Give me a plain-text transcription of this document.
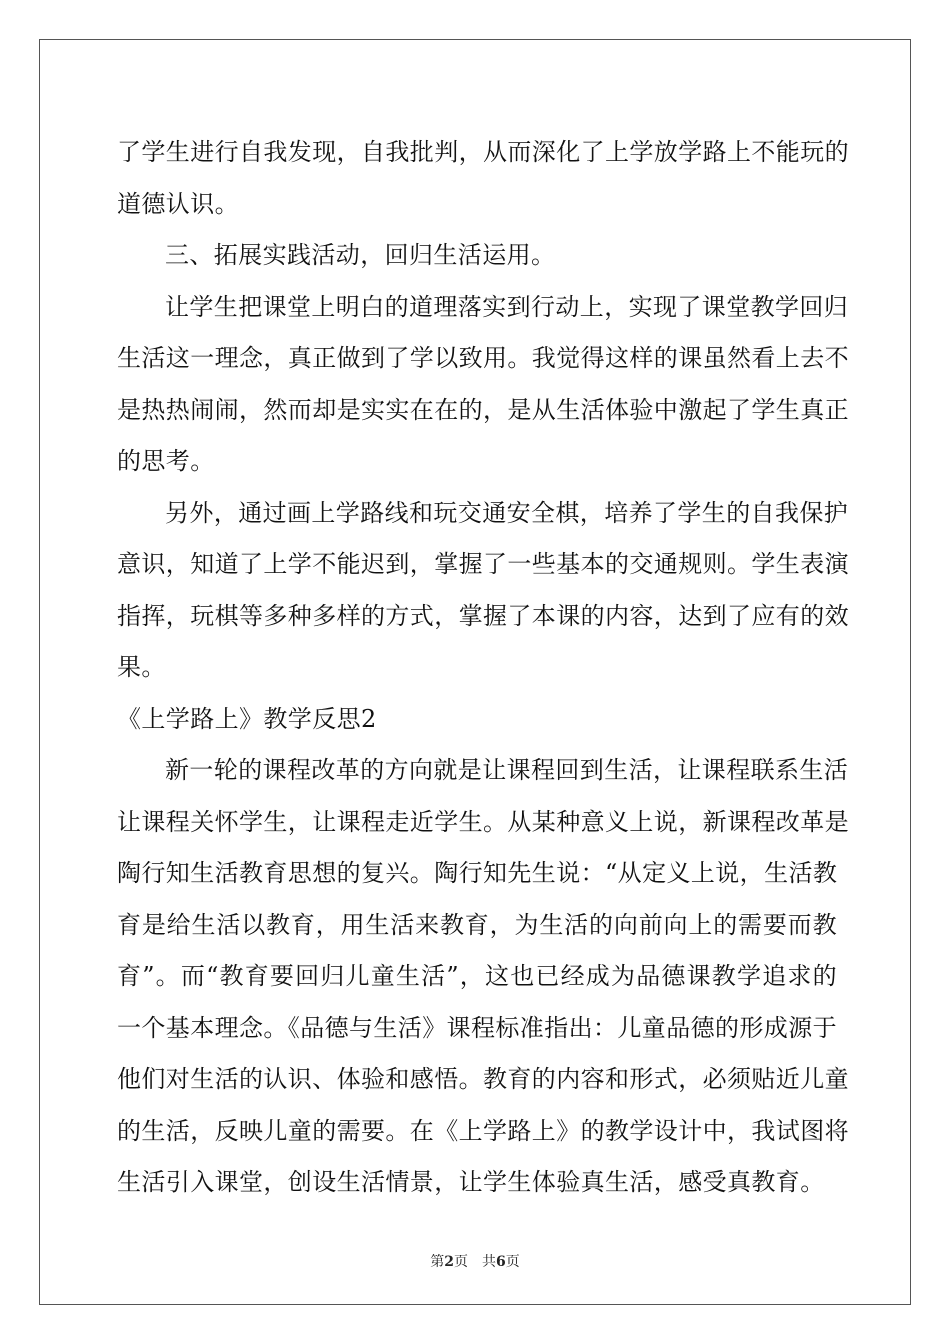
了学生进行自我发现，自我批判，从而深化了上学放学路上不能玩的
道德认识。
三、拓展实践活动，回归生活运用。
让学生把课堂上明白的道理落实到行动上，实现了课堂教学回归
生活这一理念，真正做到了学以致用。我觉得这样的课虽然看上去不
是热热闹闹，然而却是实实在在的，是从生活体验中激起了学生真正
的思考。
另外，通过画上学路线和玩交通安全棋，培养了学生的自我保护
意识，知道了上学不能迟到，掌握了一些基本的交通规则。学生表演
指挥，玩棋等多种多样的方式，掌握了本课的内容，达到了应有的效
果。
《上学路上》教学反思2
新一轮的课程改革的方向就是让课程回到生活，让课程联系生活
让课程关怀学生，让课程走近学生。从某种意义上说，新课程改革是
陶行知生活教育思想的复兴。陶行知先生说：“从定义上说，生活教
育是给生活以教育，用生活来教育，为生活的向前向上的需要而教
育”。而“教育要回归儿童生活”，这也已经成为品德课教学追求的
一个基本理念。《品德与生活》课程标准指出：儿童品德的形成源于
他们对生活的认识、体验和感悟。教育的内容和形式，必须贴近儿童
的生活，反映儿童的需要。在《上学路上》的教学设计中，我试图将
生活引入课堂，创设生活情景，让学生体验真生活，感受真教育。
第2页 共6页
